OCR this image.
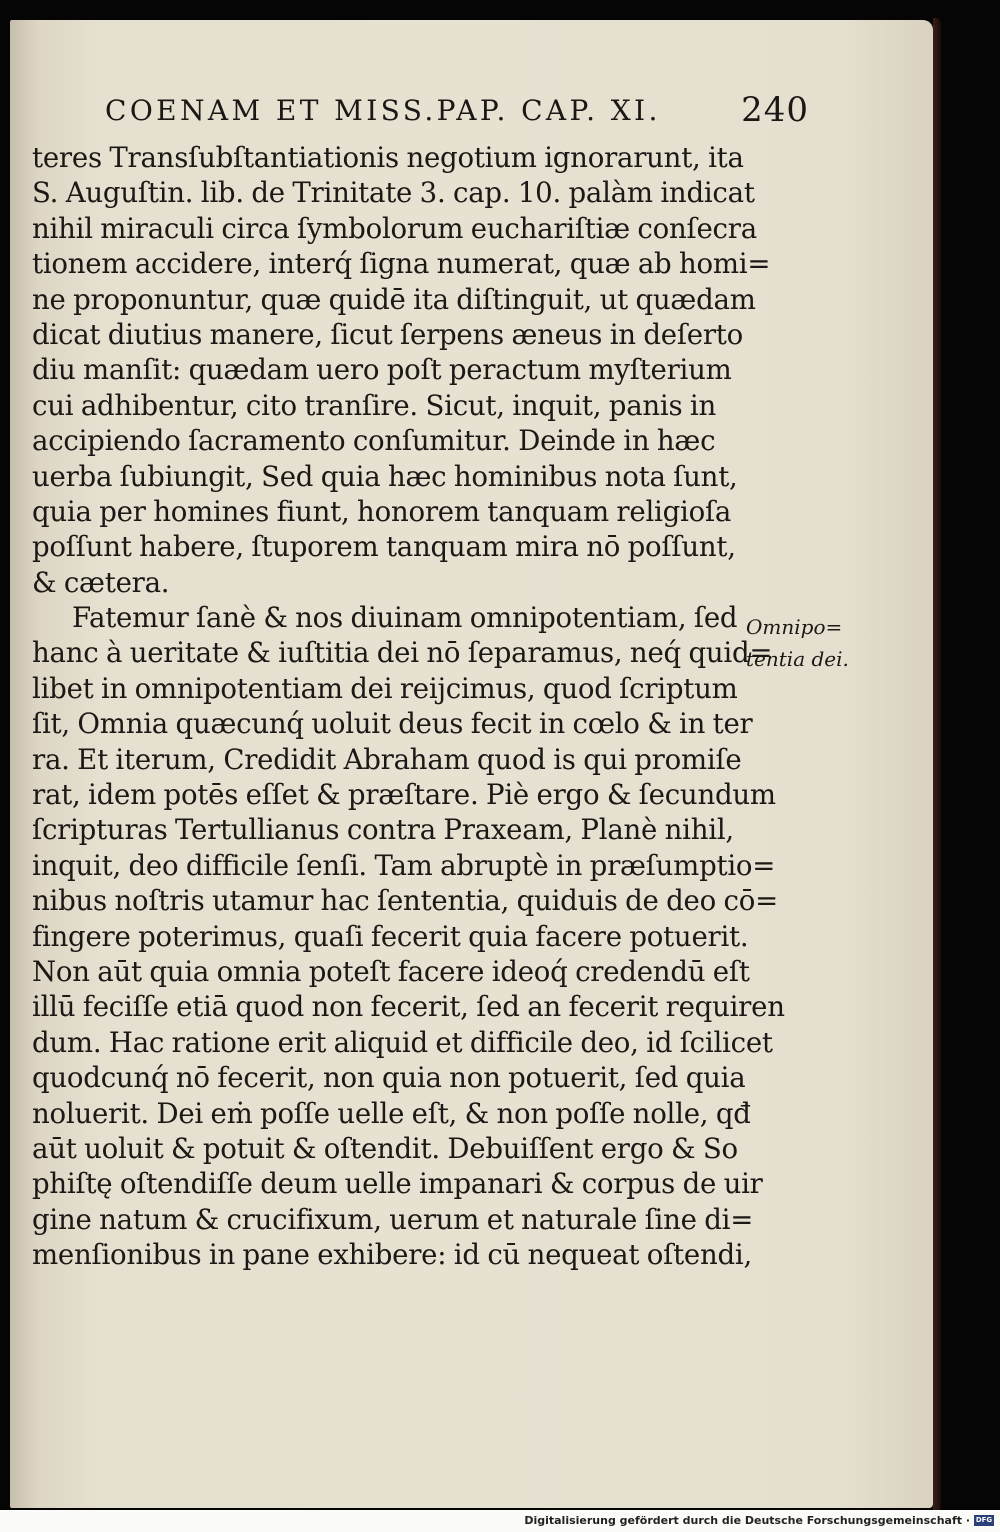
COENAM ET MISS.PAP. CAP. XI. 240
teres Transſubſtantiationis negotium ignorarunt, ita
S. Auguſtin. lib. de Trinitate 3. cap. 10. palàm indicat
nihil miraculi circa ſymbolorum euchariſtiæ conſecra
tionem accidere, interq́ ſigna numerat, quæ ab homi=
ne proponuntur, quæ quidē ita diſtinguit, ut quædam
dicat diutius manere, ſicut ſerpens æneus in deſerto
diu manſit: quædam uero poſt peractum myſterium
cui adhibentur, cito tranſire. Sicut, inquit, panis in
accipiendo ſacramento conſumitur. Deinde in hæc
uerba ſubiungit, Sed quia hæc hominibus nota ſunt,
quia per homines fiunt, honorem tanquam religioſa
poſſunt habere, ſtuporem tanquam mira nō poſſunt,
& cætera.
Fatemur ſanè & nos diuinam omnipotentiam, ſed
hanc à ueritate & iuſtitia dei nō ſeparamus, neq́ quid=
libet in omnipotentiam dei reijcimus, quod ſcriptum
ſit, Omnia quæcunq́ uoluit deus fecit in cœlo & in ter
ra. Et iterum, Credidit Abraham quod is qui promiſe
rat, idem potēs eſſet & præſtare. Piè ergo & ſecundum
ſcripturas Tertullianus contra Praxeam, Planè nihil,
inquit, deo difficile ſenſi. Tam abruptè in præſumptio=
nibus noſtris utamur hac ſententia, quiduis de deo cō=
fingere poterimus, quaſi fecerit quia facere potuerit.
Non aūt quia omnia poteſt facere ideoq́ credendū eſt
illū feciſſe etiā quod non fecerit, ſed an fecerit requiren
dum. Hac ratione erit aliquid et difficile deo, id ſcilicet
quodcunq́ nō fecerit, non quia non potuerit, ſed quia
noluerit. Dei eṁ poſſe uelle eſt, & non poſſe nolle, qđ
aūt uoluit & potuit & oſtendit. Debuiſſent ergo & So
phiſtę oſtendiſſe deum uelle impanari & corpus de uir
gine natum & crucifixum, uerum et naturale ſine di=
menſionibus in pane exhibere: id cū nequeat oſtendi,
Omnipo=
tentia dei.
Digitalisierung gefördert durch die Deutsche Forschungsgemeinschaft · DFG
